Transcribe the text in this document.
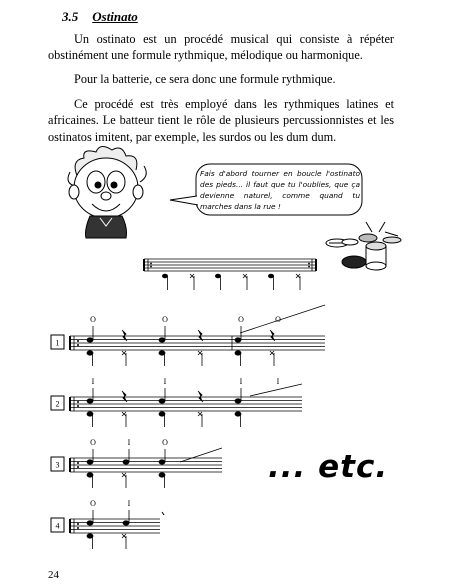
3.5 Ostinato

Un ostinato est un procédé musical qui consiste à répéter obstinément une formule rythmique, mélodique ou harmonique.

Pour la batterie, ce sera donc une formule rythmique.

Ce procédé est très employé dans les rythmiques latines et africaines. Le batteur tient le rôle de plusieurs percussionnistes et les ostinatos imitent, par exemple, les surdos ou les dum dum.

1
2
3
4
O	O	O	O
I	I	I	I
O	I	O
O	I
Fais d'abord tourner en boucle l'ostinato des pieds... il faut que tu l'oublies, que ça devienne naturel, comme quand tu marches dans la rue !
... etc.
24
